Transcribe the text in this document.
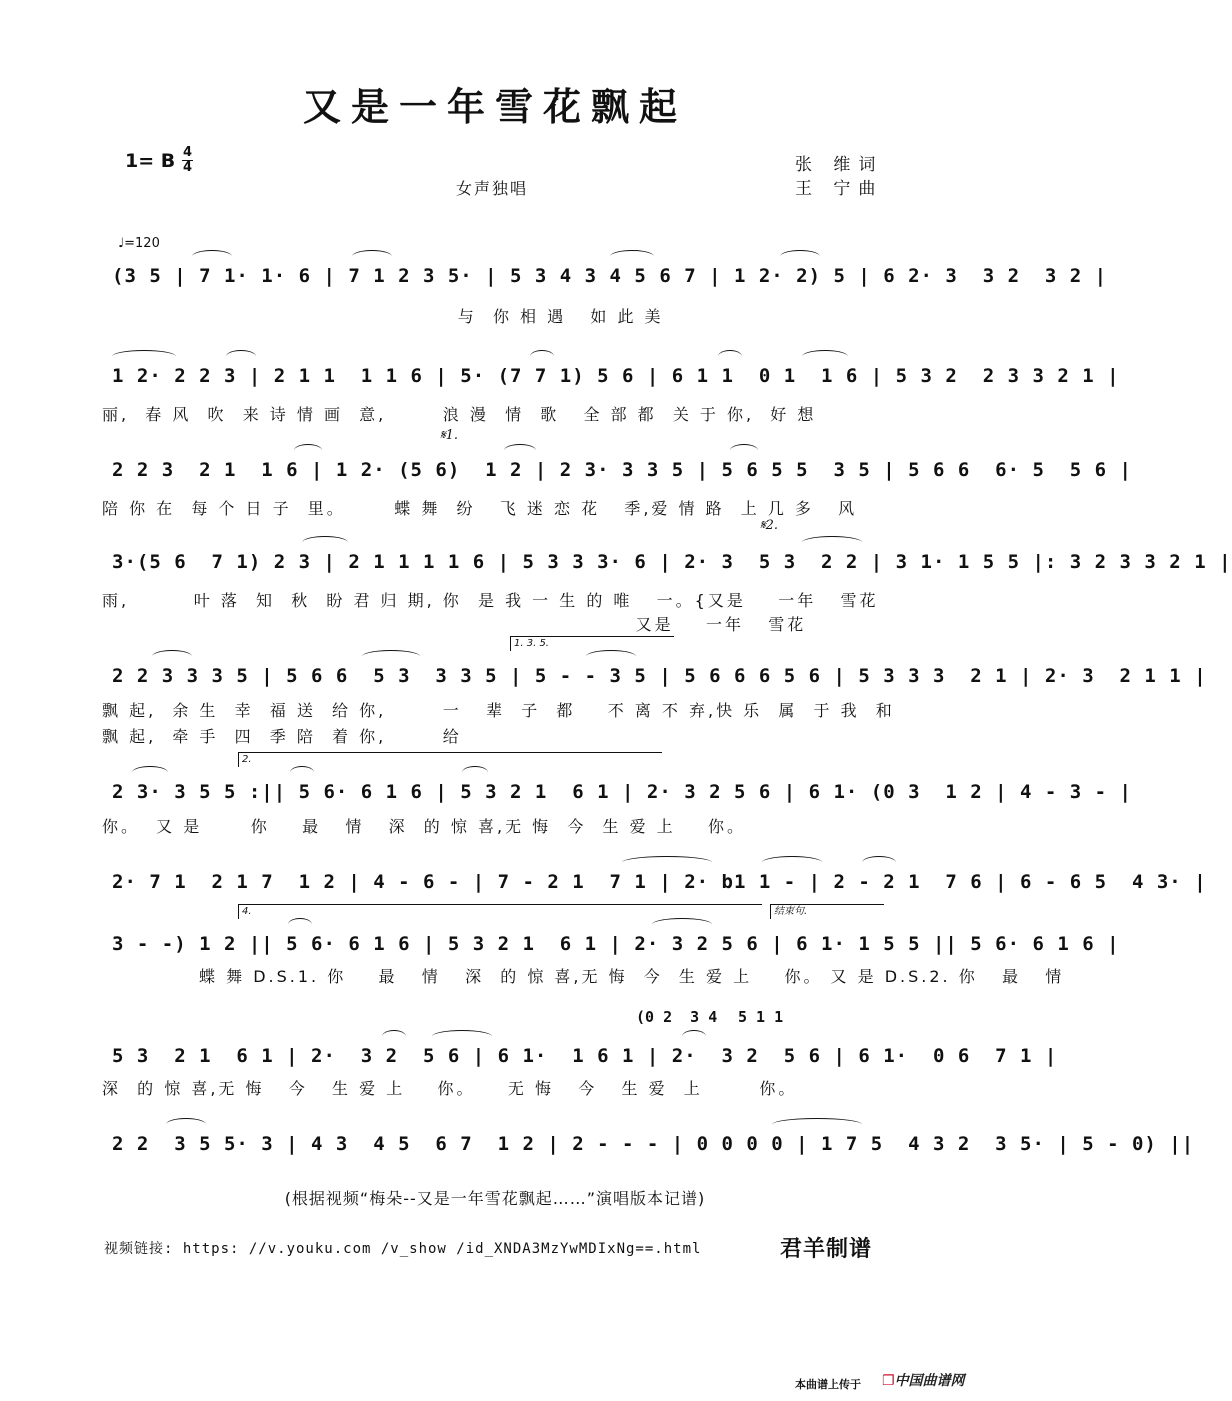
又是一年雪花飘起
1= B 4
4	张 维词
王 宁曲
女声独唱
♩=120
(3 5 | 7 1· 1· 6 | 7 1 2 3 5· | 5 3 4 3 4 5 6 7 | 1 2· 2) 5 | 6 2· 3  3 2  3 2 |
与  你 相 遇   如 此 美
1 2· 2 2 3 | 2 1 1  1 1 6 | 5· (7 7 1) 5 6 | 6 1 1  0 1  1 6 | 5 3 2  2 3 3 2 1 |
丽,  春 风  吹  来 诗 情 画  意,       浪 漫  情  歌   全 部 都  关 于 你,  好 想
𝄋1.
2 2 3  2 1  1 6 | 1 2· (5 6)  1 2 | 2 3· 3 3 5 | 5 6 5 5  3 5 | 5 6 6  6· 5  5 6 |
陪 你 在  每 个 日 子  里。      蝶 舞  纷   飞 迷 恋 花   季,爱 情 路  上 几 多   风
𝄋2.
3·(5 6  7 1) 2 3 | 2 1 1 1 1 6 | 5 3 3 3· 6 | 2· 3  5 3  2 2 | 3 1· 1 5 5 |: 3 2 3 3 2 1 |
雨,        叶 落  知  秋  盼 君 归 期, 你  是 我 一 生 的 唯   一。{又是    一年   雪花
又是    一年   雪花
1. 3. 5.
2 2 3 3 3 5 | 5 6 6  5 3  3 3 5 | 5 - - 3 5 | 5 6 6 6 5 6 | 5 3 3 3  2 1 | 2· 3  2 1 1 |
飘 起,  余 生  幸  福 送  给 你,       一   辈  子  都    不 离 不 弃,快 乐  属  于 我  和
飘 起,  牵 手  四  季 陪  着 你,       给
2.
2 3· 3 5 5 :|| 5 6· 6 1 6 | 5 3 2 1  6 1 | 2· 3 2 5 6 | 6 1· (0 3  1 2 | 4 - 3 - |
你。  又 是      你    最   情   深  的 惊 喜,无 悔  今  生 爱 上    你。
2· 7 1  2 1 7  1 2 | 4 - 6 - | 7 - 2 1  7 1 | 2· b1 1 - | 2 - 2 1  7 6 | 6 - 6 5  4 3· |
4.	结束句.
3 - -) 1 2 || 5 6· 6 1 6 | 5 3 2 1  6 1 | 2· 3 2 5 6 | 6 1· 1 5 5 || 5 6· 6 1 6 |
蝶 舞 D.S.1. 你    最   情   深  的 惊 喜,无 悔  今  生 爱 上    你。 又 是 D.S.2. 你   最   情
(0 2  3 4 5 1 1
5 3  2 1  6 1 | 2·  3 2  5 6 | 6 1·  1 6 1 | 2·  3 2  5 6 | 6 1·  0 6  7 1 |
深  的 惊 喜,无 悔   今   生 爱 上    你。    无 悔   今   生 爱  上       你。
2 2  3 5 5· 3 | 4 3  4 5  6 7  1 2 | 2 - - - | 0 0 0 0 | 1 7 5  4 3 2  3 5· | 5 - 0) ||
(根据视频“梅朵--又是一年雪花飘起……”演唱版本记谱)
视频链接: https: //v.youku.com /v_show /id_XNDA3MzYwMDIxNg==.html	君羊制谱
本曲谱上传于 ❐中国曲谱网
